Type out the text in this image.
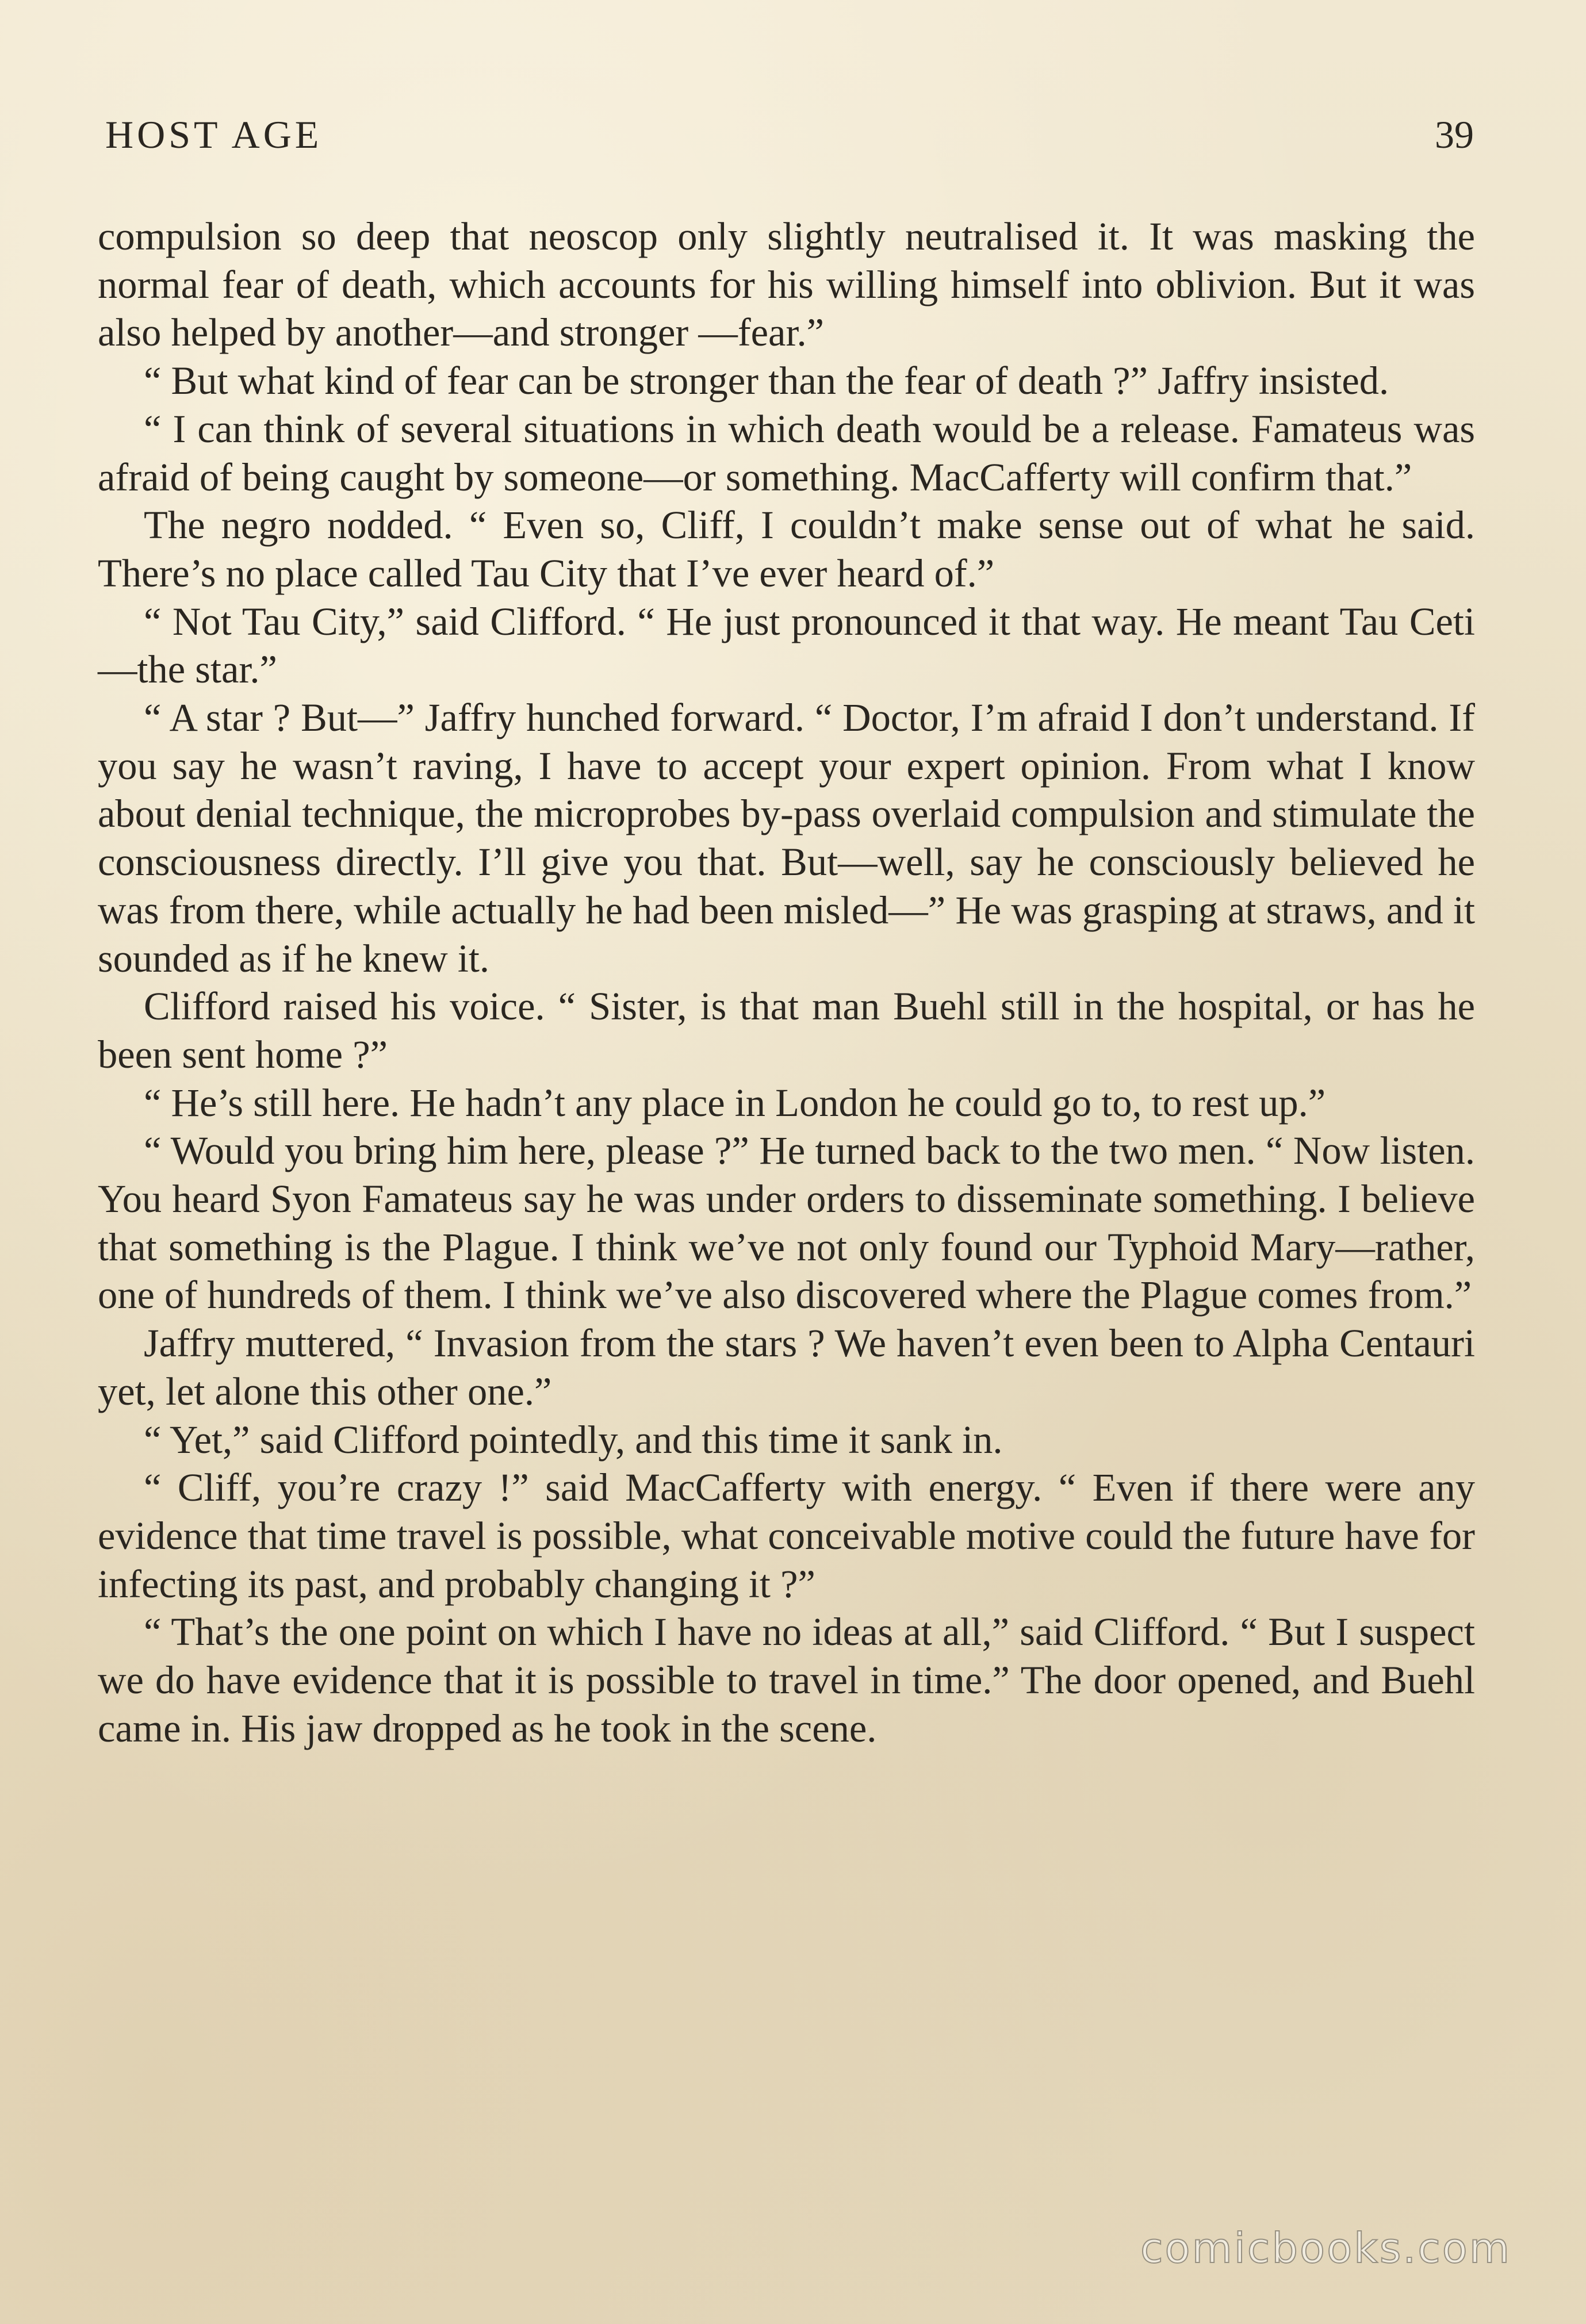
HOST AGE	39

compulsion so deep that neoscop only slightly neutralised it. It was masking the normal fear of death, which accounts for his willing himself into oblivion. But it was also helped by another—and stronger —fear.”

“ But what kind of fear can be stronger than the fear of death ?” Jaffry insisted.

“ I can think of several situations in which death would be a release. Famateus was afraid of being caught by someone—or something. MacCafferty will confirm that.”

The negro nodded. “ Even so, Cliff, I couldn’t make sense out of what he said. There’s no place called Tau City that I’ve ever heard of.”

“ Not Tau City,” said Clifford. “ He just pronounced it that way. He meant Tau Ceti—the star.”

“ A star ? But—” Jaffry hunched forward. “ Doctor, I’m afraid I don’t understand. If you say he wasn’t raving, I have to accept your expert opinion. From what I know about denial technique, the microprobes by-pass overlaid compulsion and stimulate the consciousness directly. I’ll give you that. But—well, say he consciously believed he was from there, while actually he had been misled—” He was grasping at straws, and it sounded as if he knew it.

Clifford raised his voice. “ Sister, is that man Buehl still in the hospital, or has he been sent home ?”

“ He’s still here. He hadn’t any place in London he could go to, to rest up.”

“ Would you bring him here, please ?” He turned back to the two men. “ Now listen. You heard Syon Famateus say he was under orders to disseminate something. I believe that something is the Plague. I think we’ve not only found our Typhoid Mary—rather, one of hundreds of them. I think we’ve also discovered where the Plague comes from.”

Jaffry muttered, “ Invasion from the stars ? We haven’t even been to Alpha Centauri yet, let alone this other one.”

“ Yet,” said Clifford pointedly, and this time it sank in.

“ Cliff, you’re crazy !” said MacCafferty with energy. “ Even if there were any evidence that time travel is possible, what conceivable motive could the future have for infecting its past, and probably changing it ?”

“ That’s the one point on which I have no ideas at all,” said Clifford. “ But I suspect we do have evidence that it is possible to travel in time.” The door opened, and Buehl came in. His jaw dropped as he took in the scene.

comicbooks.com
